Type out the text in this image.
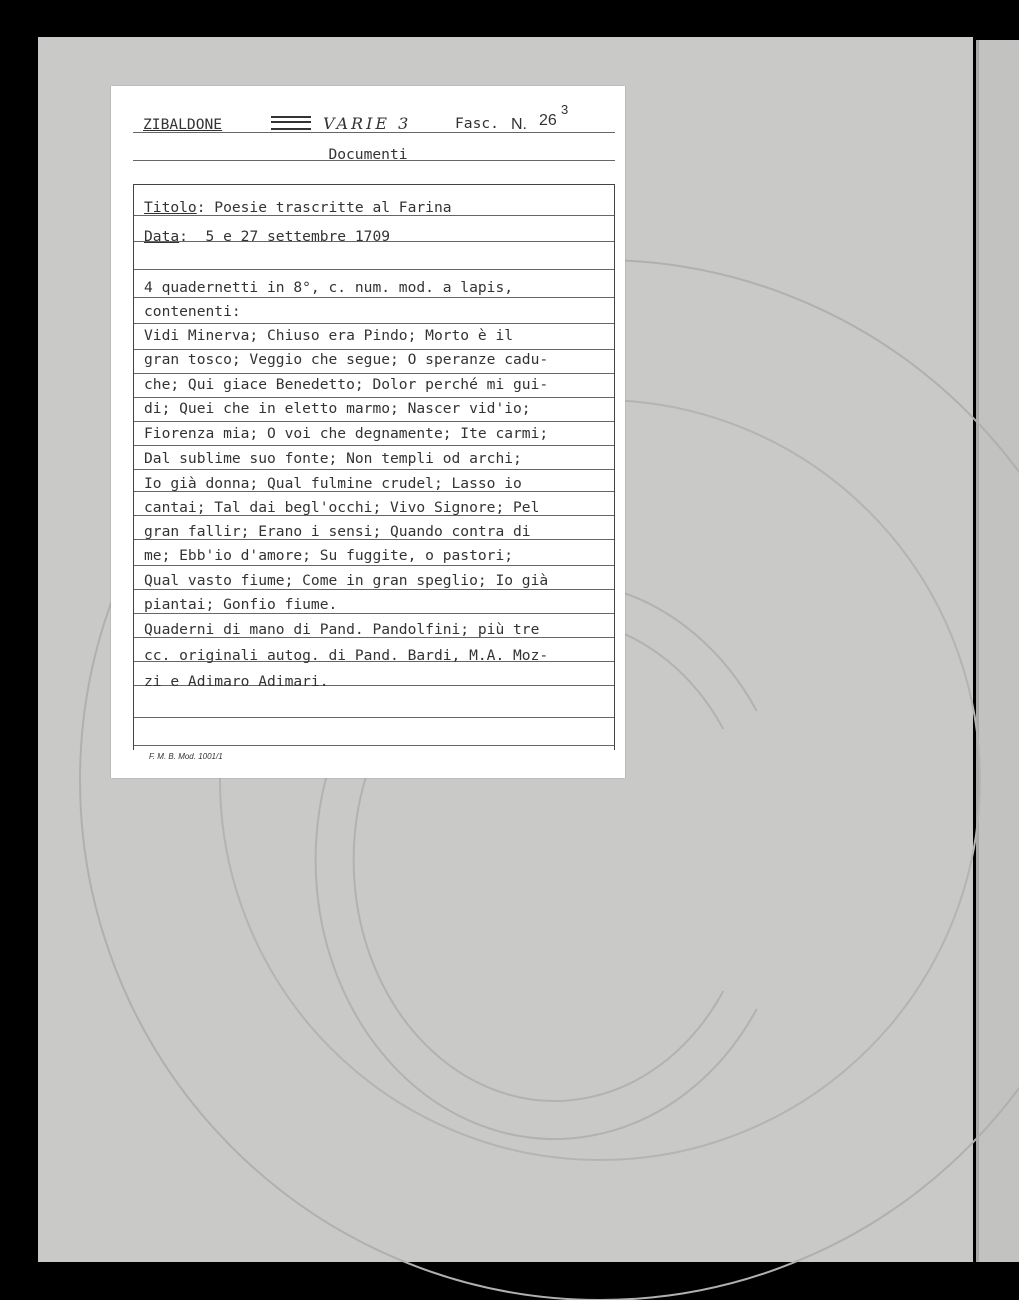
ZIBALDONE	VARIE 3	Fasc. N. 26
3
Documenti
Titolo: Poesie trascritte al Farina
Data:  5 e 27 settembre 1709
4 quadernetti in 8°, c. num. mod. a lapis,
contenenti:
Vidi Minerva; Chiuso era Pindo; Morto è il
gran tosco; Veggio che segue; O speranze cadu-
che; Qui giace Benedetto; Dolor perché mi gui-
di; Quei che in eletto marmo; Nascer vid'io;
Fiorenza mia; O voi che degnamente; Ite carmi;
Dal sublime suo fonte; Non templi od archi;
Io già donna; Qual fulmine crudel; Lasso io
cantai; Tal dai begl'occhi; Vivo Signore; Pel
gran fallir; Erano i sensi; Quando contra di
me; Ebb'io d'amore; Su fuggite, o pastori;
Qual vasto fiume; Come in gran speglio; Io già
piantai; Gonfio fiume.
Quaderni di mano di Pand. Pandolfini; più tre
cc. originali autog. di Pand. Bardi, M.A. Moz-
zi e Adimaro Adimari.
F. M. B. Mod. 1001/1
